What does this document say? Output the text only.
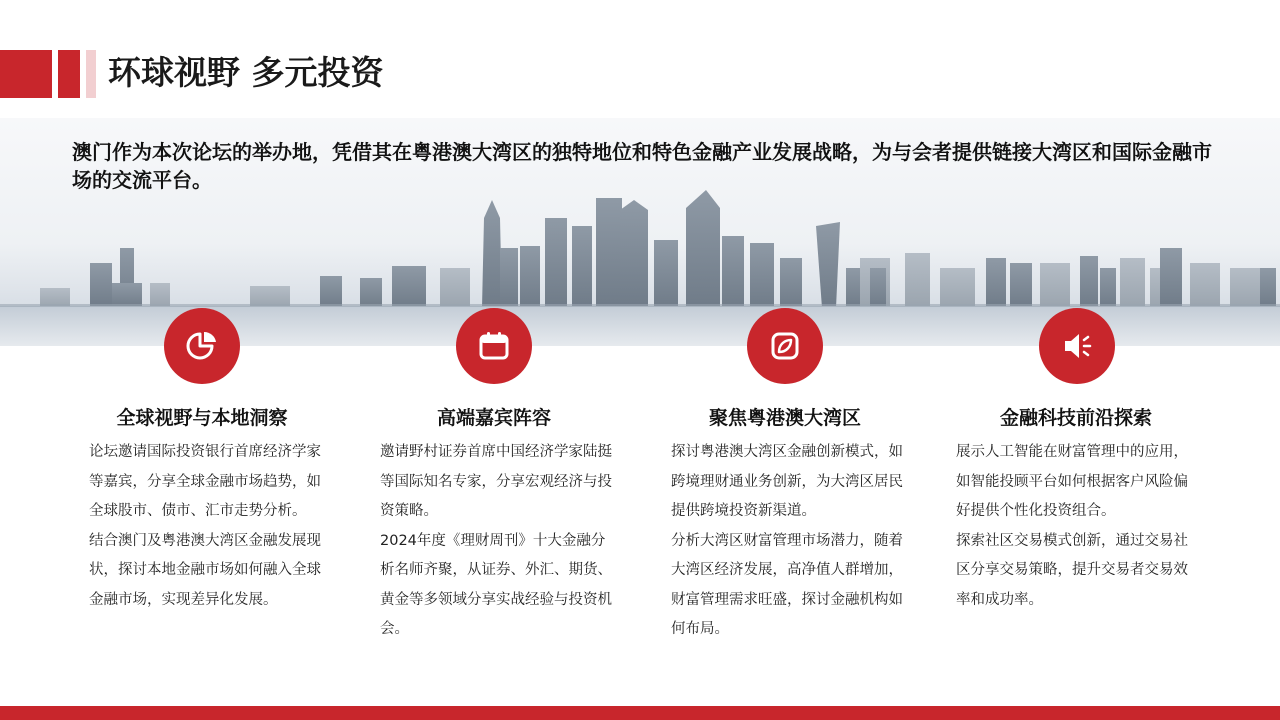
环球视野 多元投资
澳门作为本次论坛的举办地，凭借其在粤港澳大湾区的独特地位和特色金融产业发展战略，为与会者提供链接大湾区和国际金融市场的交流平台。
全球视野与本地洞察

论坛邀请国际投资银行首席经济学家等嘉宾，分享全球金融市场趋势，如全球股市、债市、汇市走势分析。

结合澳门及粤港澳大湾区金融发展现状，探讨本地金融市场如何融入全球金融市场，实现差异化发展。

高端嘉宾阵容

邀请野村证券首席中国经济学家陆挺等国际知名专家，分享宏观经济与投资策略。

2024年度《理财周刊》十大金融分析名师齐聚，从证券、外汇、期货、黄金等多领域分享实战经验与投资机会。

聚焦粤港澳大湾区

探讨粤港澳大湾区金融创新模式，如跨境理财通业务创新，为大湾区居民提供跨境投资新渠道。

分析大湾区财富管理市场潜力，随着大湾区经济发展，高净值人群增加，财富管理需求旺盛，探讨金融机构如何布局。

金融科技前沿探索

展示人工智能在财富管理中的应用，如智能投顾平台如何根据客户风险偏好提供个性化投资组合。

探索社区交易模式创新，通过交易社区分享交易策略，提升交易者交易效率和成功率。
